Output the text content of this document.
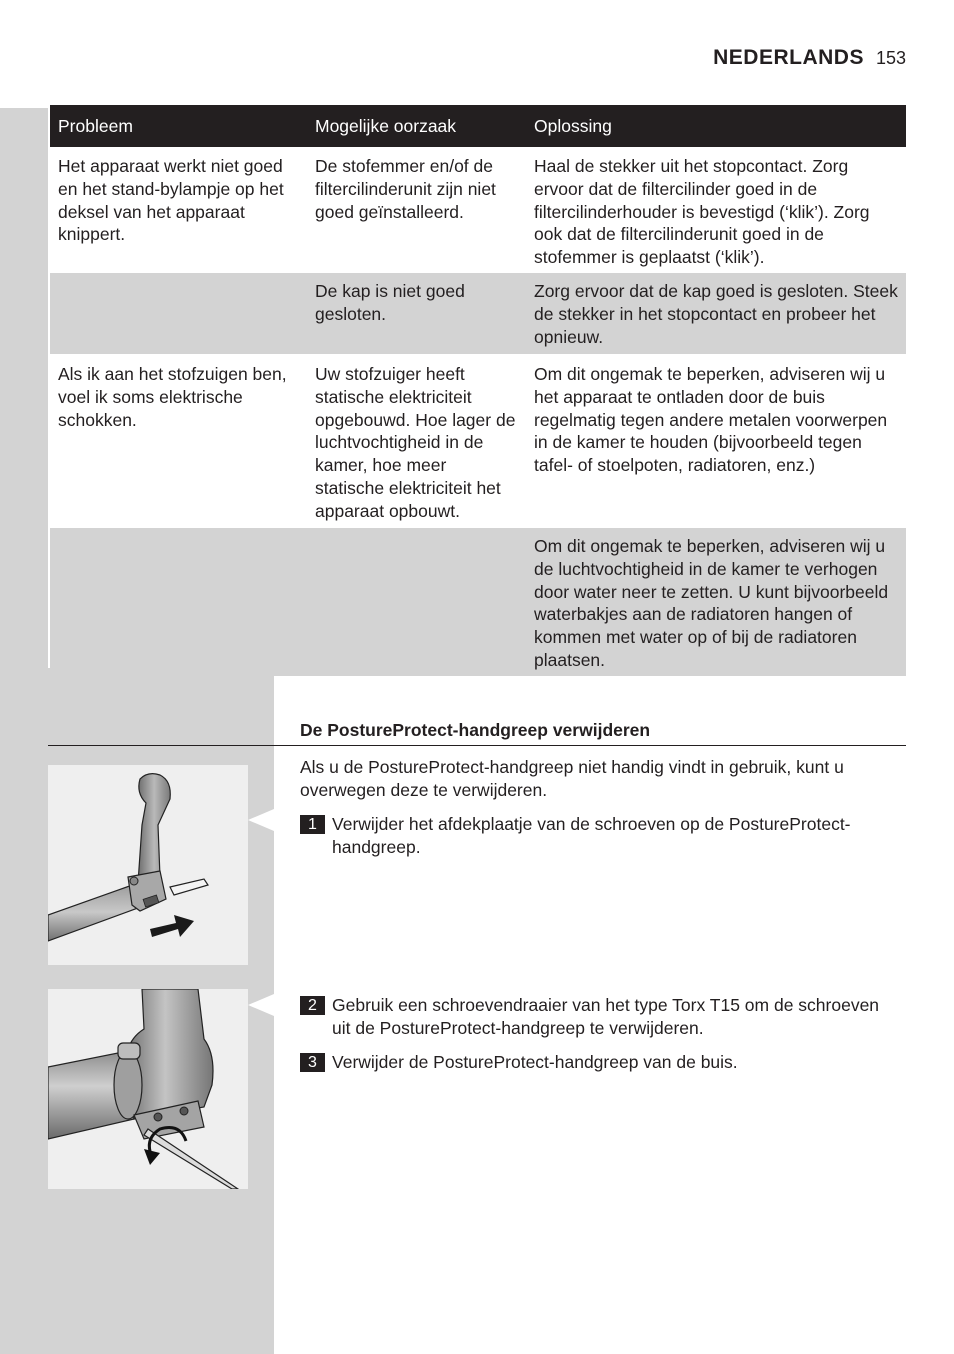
NEDERLANDS 153
Probleem	Mogelijke oorzaak	Oplossing
Het apparaat werkt niet goed en het stand-bylampje op het deksel van het apparaat knippert.	De stofemmer en/of de filtercilinderunit zijn niet goed geïnstalleerd.	Haal de stekker uit het stopcontact. Zorg ervoor dat de filtercilinder goed in de filtercilinderhouder is bevestigd (‘klik’). Zorg ook dat de filtercilinderunit goed in de stofemmer is geplaatst (‘klik’).
	De kap is niet goed gesloten.	Zorg ervoor dat de kap goed is gesloten. Steek de stekker in het stopcontact en probeer het opnieuw.
Als ik aan het stofzuigen ben, voel ik soms elektrische schokken.	Uw stofzuiger heeft statische elektriciteit opgebouwd. Hoe lager de luchtvochtigheid in de kamer, hoe meer statische elektriciteit het apparaat opbouwt.	Om dit ongemak te beperken, adviseren wij u het apparaat te ontladen door de buis regelmatig tegen andere metalen voorwerpen in de kamer te houden (bijvoorbeeld tegen tafel- of stoelpoten, radiatoren, enz.)
		Om dit ongemak te beperken, adviseren wij u de luchtvochtigheid in de kamer te verhogen door water neer te zetten. U kunt bijvoorbeeld waterbakjes aan de radiatoren hangen of kommen met water op of bij de radiatoren plaatsen.
De PostureProtect-handgreep verwijderen
Als u de PostureProtect-handgreep niet handig vindt in gebruik, kunt u overwegen deze te verwijderen.
1 Verwijder het afdekplaatje van de schroeven op de PostureProtect-handgreep.
2 Gebruik een schroevendraaier van het type Torx T15 om de schroeven uit de PostureProtect-handgreep te verwijderen.
3 Verwijder de PostureProtect-handgreep van de buis.
